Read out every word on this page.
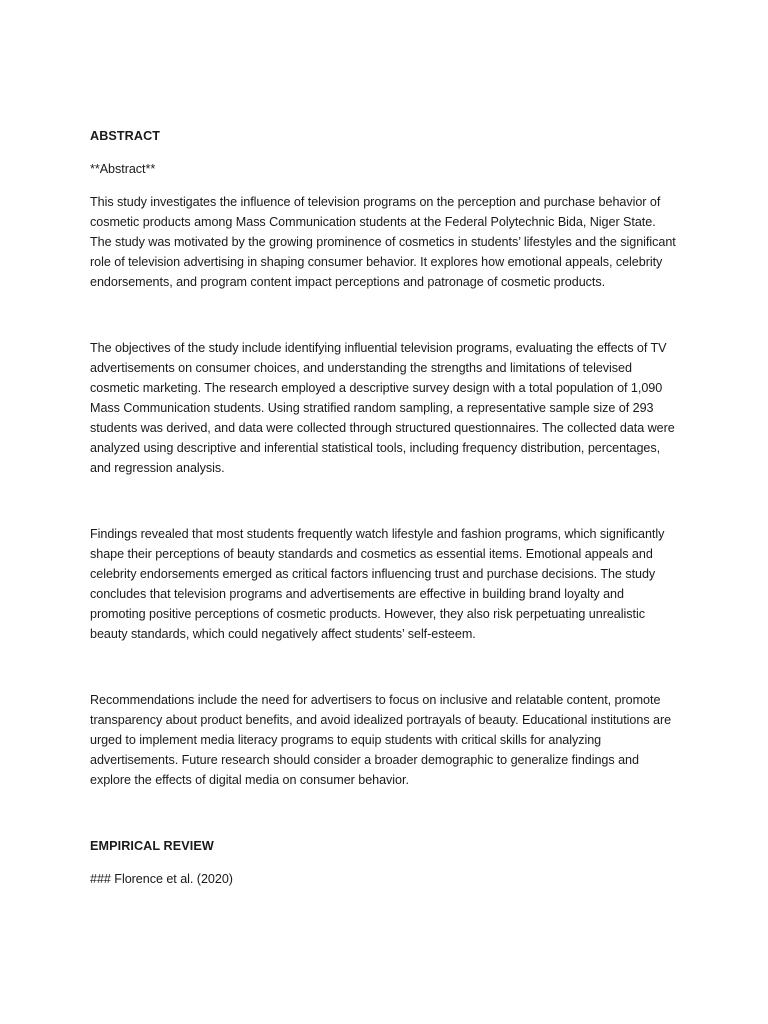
ABSTRACT

**Abstract**

This study investigates the influence of television programs on the perception and purchase behavior of cosmetic products among Mass Communication students at the Federal Polytechnic Bida, Niger State. The study was motivated by the growing prominence of cosmetics in students’ lifestyles and the significant role of television advertising in shaping consumer behavior. It explores how emotional appeals, celebrity endorsements, and program content impact perceptions and patronage of cosmetic products.

The objectives of the study include identifying influential television programs, evaluating the effects of TV advertisements on consumer choices, and understanding the strengths and limitations of televised cosmetic marketing. The research employed a descriptive survey design with a total population of 1,090 Mass Communication students. Using stratified random sampling, a representative sample size of 293 students was derived, and data were collected through structured questionnaires. The collected data were analyzed using descriptive and inferential statistical tools, including frequency distribution, percentages, and regression analysis.

Findings revealed that most students frequently watch lifestyle and fashion programs, which significantly shape their perceptions of beauty standards and cosmetics as essential items. Emotional appeals and celebrity endorsements emerged as critical factors influencing trust and purchase decisions. The study concludes that television programs and advertisements are effective in building brand loyalty and promoting positive perceptions of cosmetic products. However, they also risk perpetuating unrealistic beauty standards, which could negatively affect students’ self-esteem.

Recommendations include the need for advertisers to focus on inclusive and relatable content, promote transparency about product benefits, and avoid idealized portrayals of beauty. Educational institutions are urged to implement media literacy programs to equip students with critical skills for analyzing advertisements. Future research should consider a broader demographic to generalize findings and explore the effects of digital media on consumer behavior.

EMPIRICAL REVIEW

### Florence et al. (2020)
